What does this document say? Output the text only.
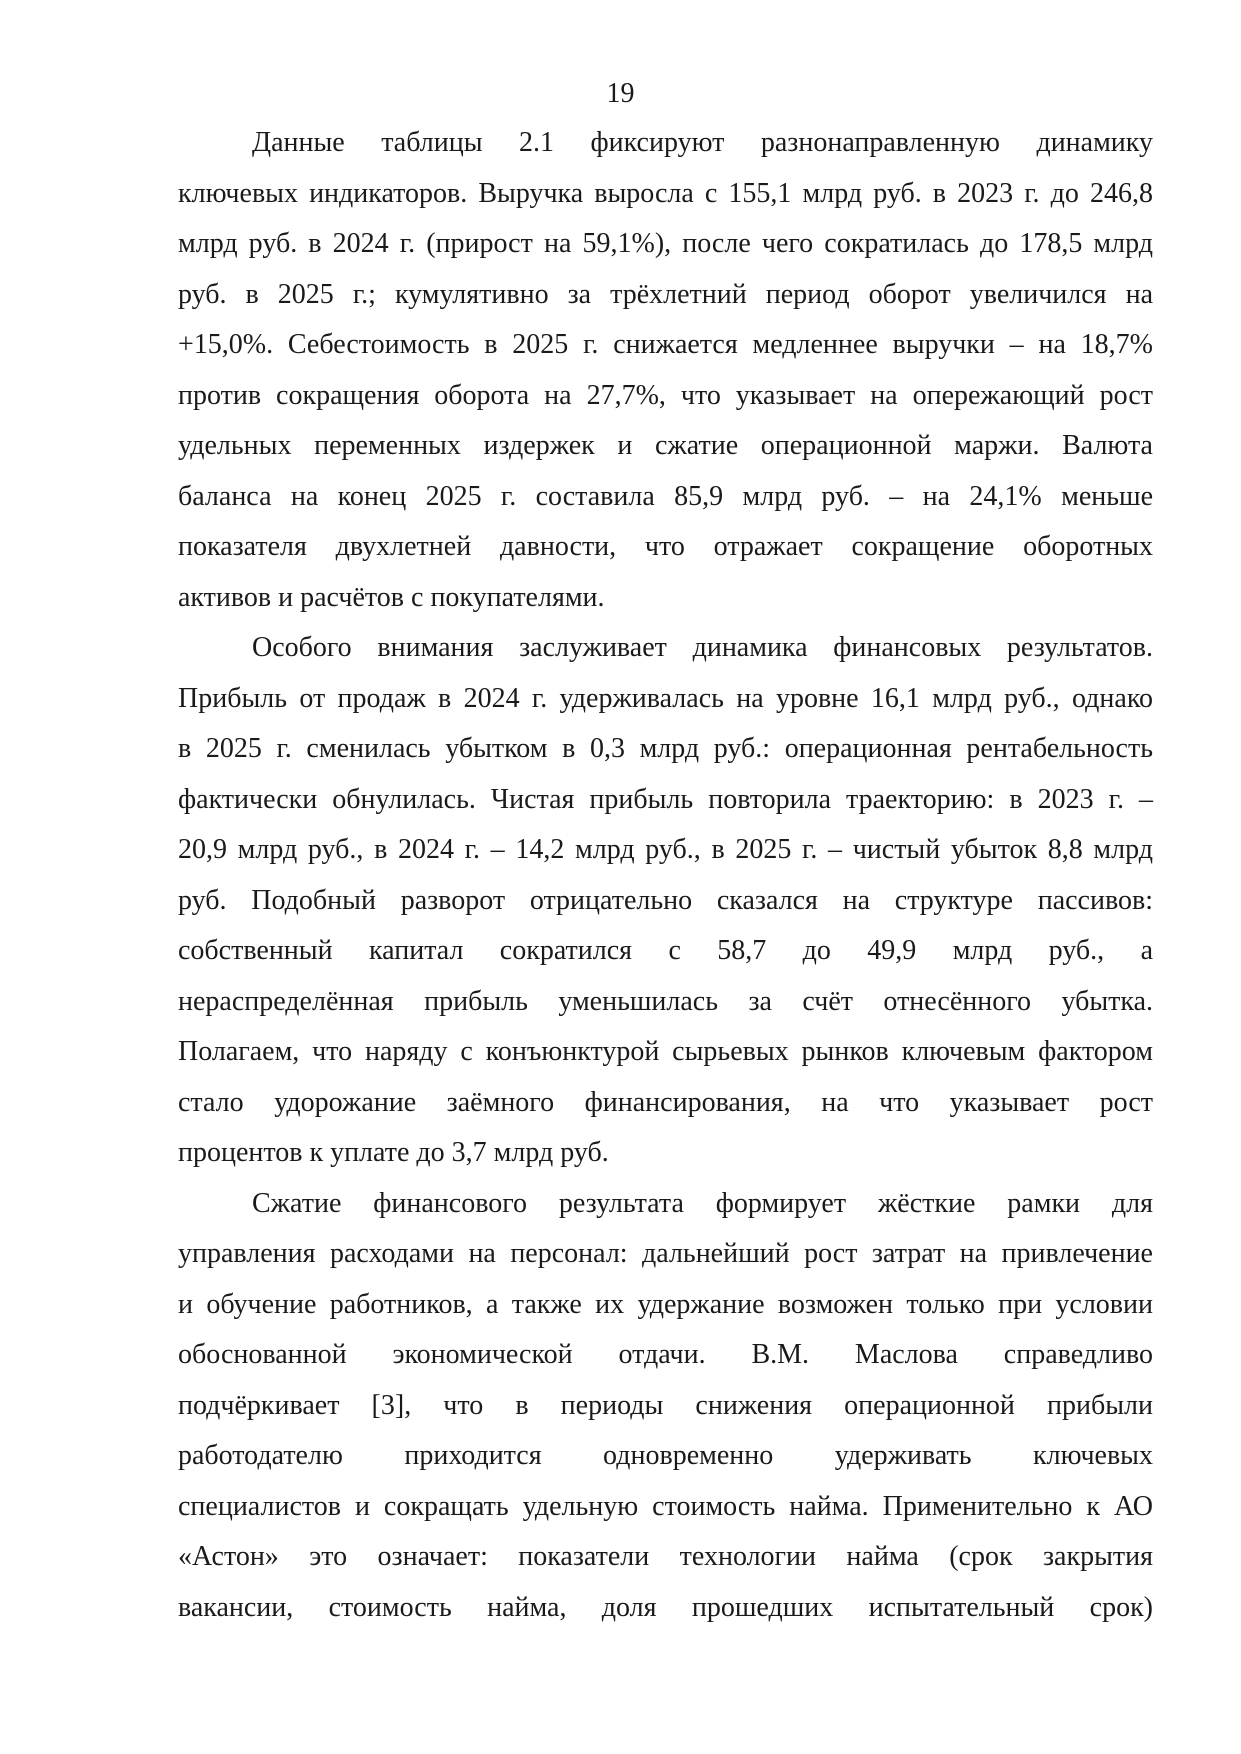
19
Данные таблицы 2.1 фиксируют разнонаправленную динамику
ключевых индикаторов. Выручка выросла с 155,1 млрд руб. в 2023 г. до 246,8
млрд руб. в 2024 г. (прирост на 59,1%), после чего сократилась до 178,5 млрд
руб. в 2025 г.; кумулятивно за трёхлетний период оборот увеличился на
+15,0%. Себестоимость в 2025 г. снижается медленнее выручки – на 18,7%
против сокращения оборота на 27,7%, что указывает на опережающий рост
удельных переменных издержек и сжатие операционной маржи. Валюта
баланса на конец 2025 г. составила 85,9 млрд руб. – на 24,1% меньше
показателя двухлетней давности, что отражает сокращение оборотных
активов и расчётов с покупателями.
Особого внимания заслуживает динамика финансовых результатов.
Прибыль от продаж в 2024 г. удерживалась на уровне 16,1 млрд руб., однако
в 2025 г. сменилась убытком в 0,3 млрд руб.: операционная рентабельность
фактически обнулилась. Чистая прибыль повторила траекторию: в 2023 г. –
20,9 млрд руб., в 2024 г. – 14,2 млрд руб., в 2025 г. – чистый убыток 8,8 млрд
руб. Подобный разворот отрицательно сказался на структуре пассивов:
собственный капитал сократился с 58,7 до 49,9 млрд руб., а
нераспределённая прибыль уменьшилась за счёт отнесённого убытка.
Полагаем, что наряду с конъюнктурой сырьевых рынков ключевым фактором
стало удорожание заёмного финансирования, на что указывает рост
процентов к уплате до 3,7 млрд руб.
Сжатие финансового результата формирует жёсткие рамки для
управления расходами на персонал: дальнейший рост затрат на привлечение
и обучение работников, а также их удержание возможен только при условии
обоснованной экономической отдачи. В.М. Маслова справедливо
подчёркивает [3], что в периоды снижения операционной прибыли
работодателю приходится одновременно удерживать ключевых
специалистов и сокращать удельную стоимость найма. Применительно к АО
«Астон» это означает: показатели технологии найма (срок закрытия
вакансии, стоимость найма, доля прошедших испытательный срок)
